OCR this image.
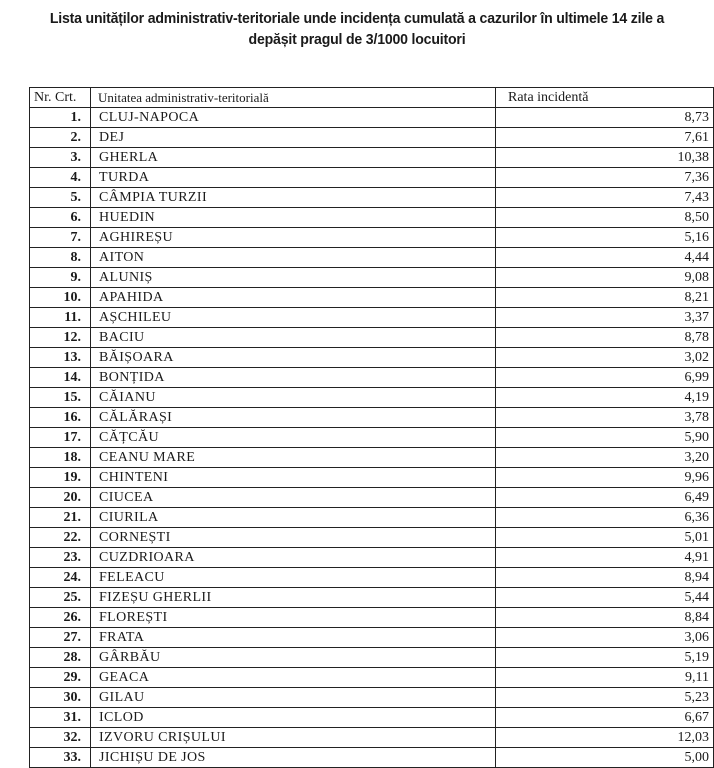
Lista unităților administrativ-teritoriale unde incidența cumulată a cazurilor în ultimele 14 zile a
depășit pragul de 3/1000 locuitori
Nr. Crt.	Unitatea administrativ-teritorială	Rata incidentă
1.	CLUJ-NAPOCA	8,73
2.	DEJ	7,61
3.	GHERLA	10,38
4.	TURDA	7,36
5.	CÂMPIA TURZII	7,43
6.	HUEDIN	8,50
7.	AGHIREȘU	5,16
8.	AITON	4,44
9.	ALUNIȘ	9,08
10.	APAHIDA	8,21
11.	AȘCHILEU	3,37
12.	BACIU	8,78
13.	BĂIȘOARA	3,02
14.	BONȚIDA	6,99
15.	CĂIANU	4,19
16.	CĂLĂRAȘI	3,78
17.	CĂȚCĂU	5,90
18.	CEANU MARE	3,20
19.	CHINTENI	9,96
20.	CIUCEA	6,49
21.	CIURILA	6,36
22.	CORNEȘTI	5,01
23.	CUZDRIOARA	4,91
24.	FELEACU	8,94
25.	FIZEȘU GHERLII	5,44
26.	FLOREȘTI	8,84
27.	FRATA	3,06
28.	GÂRBĂU	5,19
29.	GEACA	9,11
30.	GILAU	5,23
31.	ICLOD	6,67
32.	IZVORU CRIȘULUI	12,03
33.	JICHIȘU DE JOS	5,00
